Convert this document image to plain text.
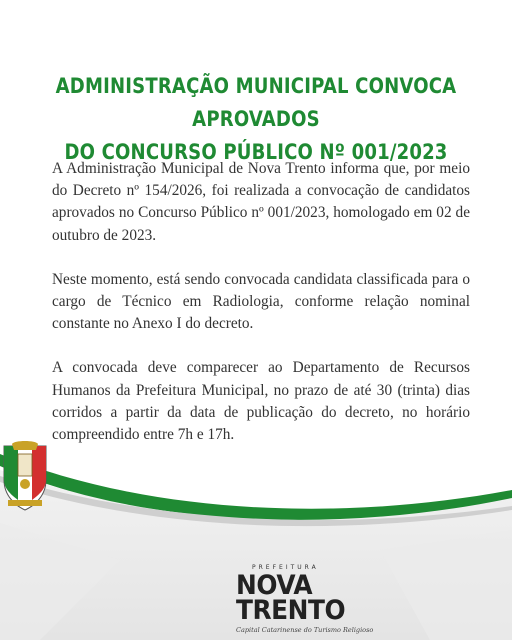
ADMINISTRAÇÃO MUNICIPAL CONVOCA APROVADOS
DO CONCURSO PÚBLICO Nº 001/2023

A Administração Municipal de Nova Trento informa que, por meio do Decreto nº 154/2026, foi realizada a convocação de candidatos aprovados no Concurso Público nº 001/2023, homologado em 02 de outubro de 2023.

Neste momento, está sendo convocada candidata classificada para o cargo de Técnico em Radiologia, conforme relação nominal constante no Anexo I do decreto.

A convocada deve comparecer ao Departamento de Recursos Humanos da Prefeitura Municipal, no prazo de até 30 (trinta) dias corridos a partir da data de publicação do decreto, no horário compreendido entre 7h e 17h.

PREFEITURA
NOVA
TRENTO
Capital Catarinense do Turismo Religioso
